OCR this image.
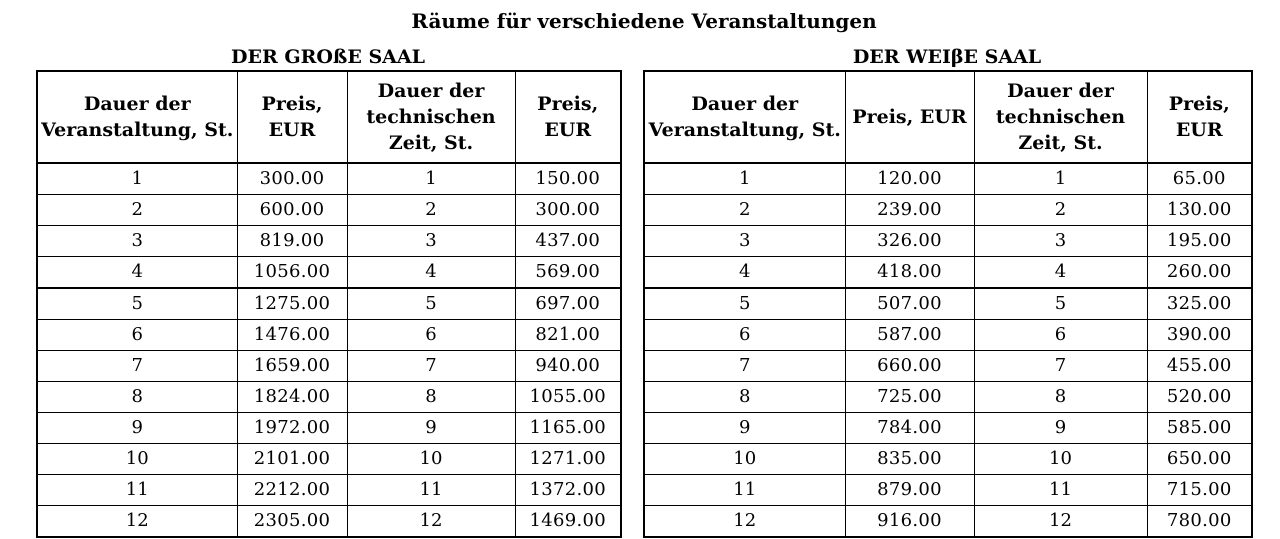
Räume für verschiedene Veranstaltungen
DER GROßE SAAL	DER WEIβE SAAL
Dauer der Veranstaltung, St.	Preis, EUR	Dauer der technischen Zeit, St.	Preis, EUR
1	300.00	1	150.00
2	600.00	2	300.00
3	819.00	3	437.00
4	1056.00	4	569.00
5	1275.00	5	697.00
6	1476.00	6	821.00
7	1659.00	7	940.00
8	1824.00	8	1055.00
9	1972.00	9	1165.00
10	2101.00	10	1271.00
11	2212.00	11	1372.00
12	2305.00	12	1469.00
Dauer der Veranstaltung, St.	Preis, EUR	Dauer der technischen Zeit, St.	Preis, EUR
1	120.00	1	65.00
2	239.00	2	130.00
3	326.00	3	195.00
4	418.00	4	260.00
5	507.00	5	325.00
6	587.00	6	390.00
7	660.00	7	455.00
8	725.00	8	520.00
9	784.00	9	585.00
10	835.00	10	650.00
11	879.00	11	715.00
12	916.00	12	780.00
